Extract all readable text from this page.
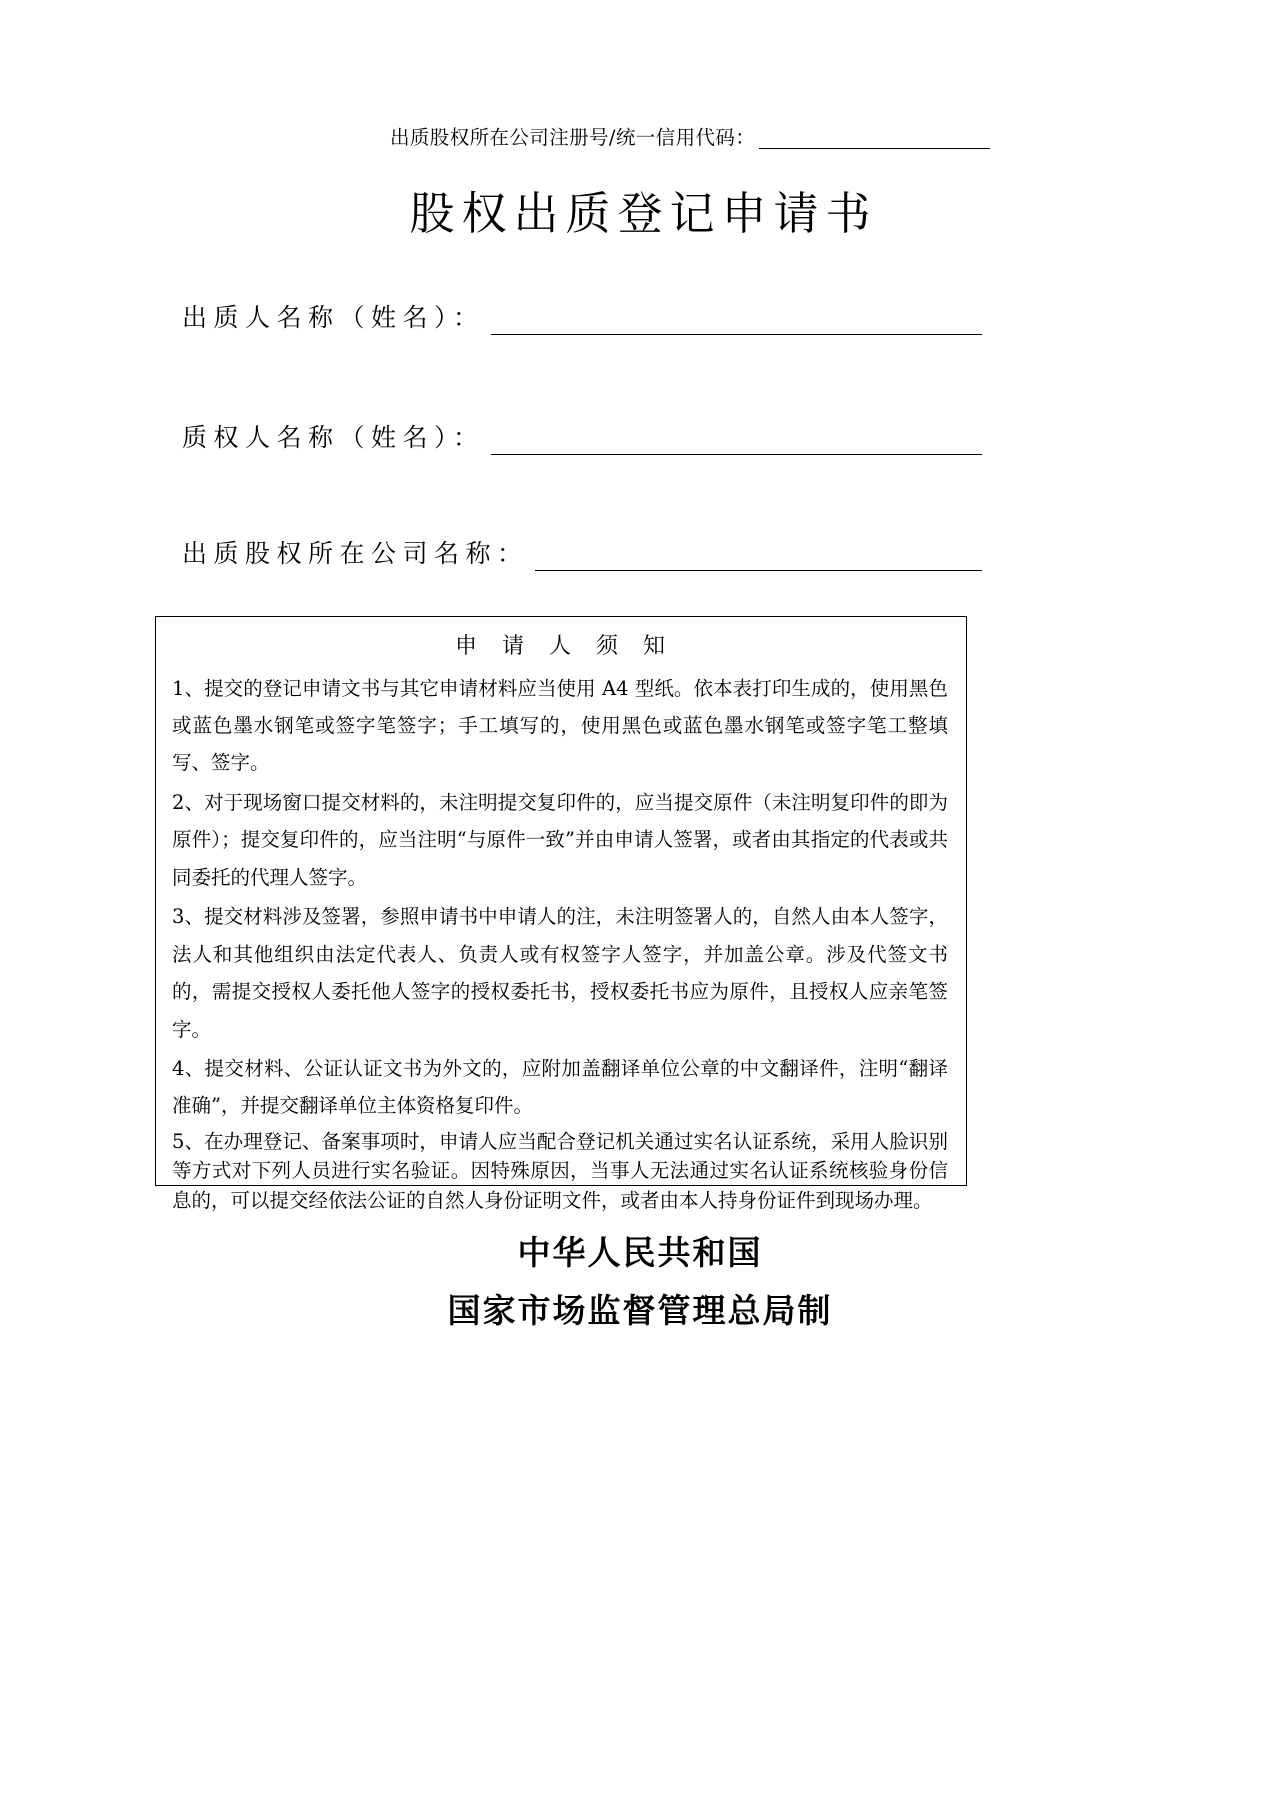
出质股权所在公司注册号/统一信用代码：
股权出质登记申请书
出质人名称（姓名）：
质权人名称（姓名）：
出质股权所在公司名称：
申 请 人 须 知

1、提交的登记申请文书与其它申请材料应当使用 A4 型纸。依本表打印生成的，使用黑色或蓝色墨水钢笔或签字笔签字；手工填写的，使用黑色或蓝色墨水钢笔或签字笔工整填写、签字。

2、对于现场窗口提交材料的，未注明提交复印件的，应当提交原件（未注明复印件的即为原件）；提交复印件的，应当注明“与原件一致”并由申请人签署，或者由其指定的代表或共同委托的代理人签字。

3、提交材料涉及签署，参照申请书中申请人的注，未注明签署人的，自然人由本人签字，法人和其他组织由法定代表人、负责人或有权签字人签字，并加盖公章。涉及代签文书的，需提交授权人委托他人签字的授权委托书，授权委托书应为原件，且授权人应亲笔签字。

4、提交材料、公证认证文书为外文的，应附加盖翻译单位公章的中文翻译件，注明“翻译准确”，并提交翻译单位主体资格复印件。

5、在办理登记、备案事项时，申请人应当配合登记机关通过实名认证系统，采用人脸识别等方式对下列人员进行实名验证。因特殊原因，当事人无法通过实名认证系统核验身份信息的，可以提交经依法公证的自然人身份证明文件，或者由本人持身份证件到现场办理。

中华人民共和国
国家市场监督管理总局制
